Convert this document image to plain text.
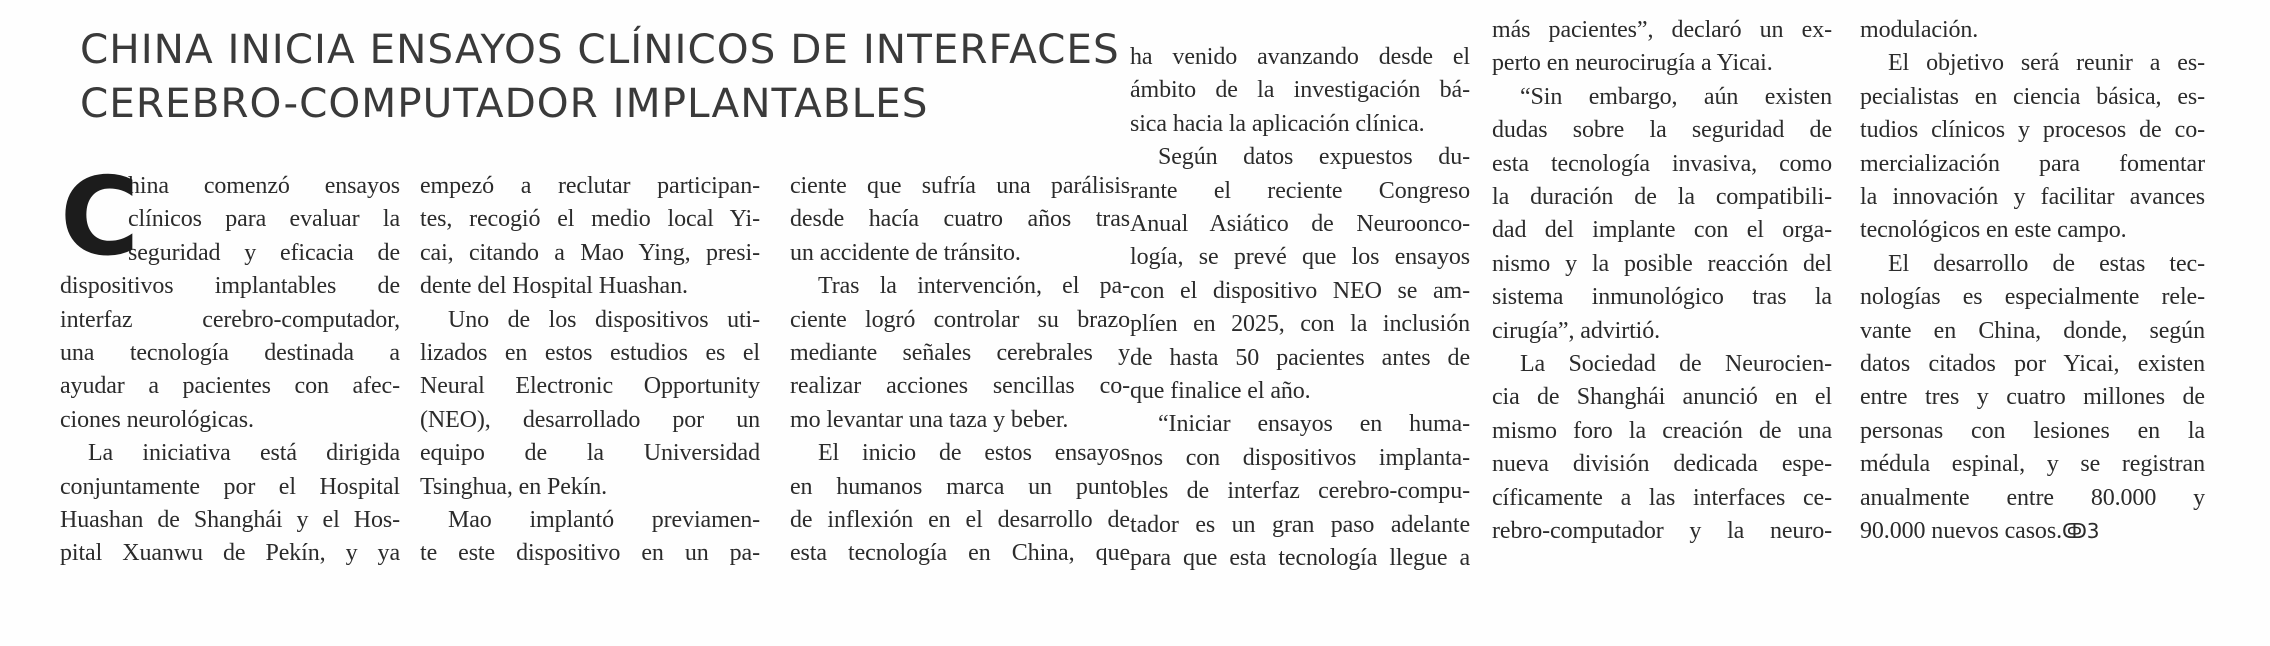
CHINA INICIA ENSAYOS CLÍNICOS DE INTERFACES
CEREBRO-COMPUTADOR IMPLANTABLES

C
hina comenzó ensayos
clínicos para evaluar la
seguridad y eficacia de
dispositivos implantables de
interfaz cerebro-computador,
una tecnología destinada a
ayudar a pacientes con afec-
ciones neurológicas.

La iniciativa está dirigida
conjuntamente por el Hospital
Huashan de Shanghái y el Hos-
pital Xuanwu de Pekín, y ya

empezó a reclutar participan-
tes, recogió el medio local Yi-
cai, citando a Mao Ying, presi-
dente del Hospital Huashan.

Uno de los dispositivos uti-
lizados en estos estudios es el
Neural Electronic Opportunity
(NEO), desarrollado por un
equipo de la Universidad
Tsinghua, en Pekín.

Mao implantó previamen-
te este dispositivo en un pa-

ciente que sufría una parálisis
desde hacía cuatro años tras
un accidente de tránsito.

Tras la intervención, el pa-
ciente logró controlar su brazo
mediante señales cerebrales y
realizar acciones sencillas co-
mo levantar una taza y beber.

El inicio de estos ensayos
en humanos marca un punto
de inflexión en el desarrollo de
esta tecnología en China, que

ha venido avanzando desde el
ámbito de la investigación bá-
sica hacia la aplicación clínica.

Según datos expuestos du-
rante el reciente Congreso
Anual Asiático de Neuroonco-
logía, se prevé que los ensayos
con el dispositivo NEO se am-
plíen en 2025, con la inclusión
de hasta 50 pacientes antes de
que finalice el año.

“Iniciar ensayos en huma-
nos con dispositivos implanta-
bles de interfaz cerebro-compu-
tador es un gran paso adelante
para que esta tecnología llegue a

más pacientes”, declaró un ex-
perto en neurocirugía a Yicai.

“Sin embargo, aún existen
dudas sobre la seguridad de
esta tecnología invasiva, como
la duración de la compatibili-
dad del implante con el orga-
nismo y la posible reacción del
sistema inmunológico tras la
cirugía”, advirtió.

La Sociedad de Neurocien-
cia de Shanghái anunció en el
mismo foro la creación de una
nueva división dedicada espe-
cíficamente a las interfaces ce-
rebro-computador y la neuro-

modulación.

El objetivo será reunir a es-
pecialistas en ciencia básica, es-
tudios clínicos y procesos de co-
mercialización para fomentar
la innovación y facilitar avances
tecnológicos en este campo.

El desarrollo de estas tec-
nologías es especialmente rele-
vante en China, donde, según
datos citados por Yicai, existen
entre tres y cuatro millones de
personas con lesiones en la
médula espinal, y se registran
anualmente entre 80.000 y
90.000 nuevos casos.ↂ3
